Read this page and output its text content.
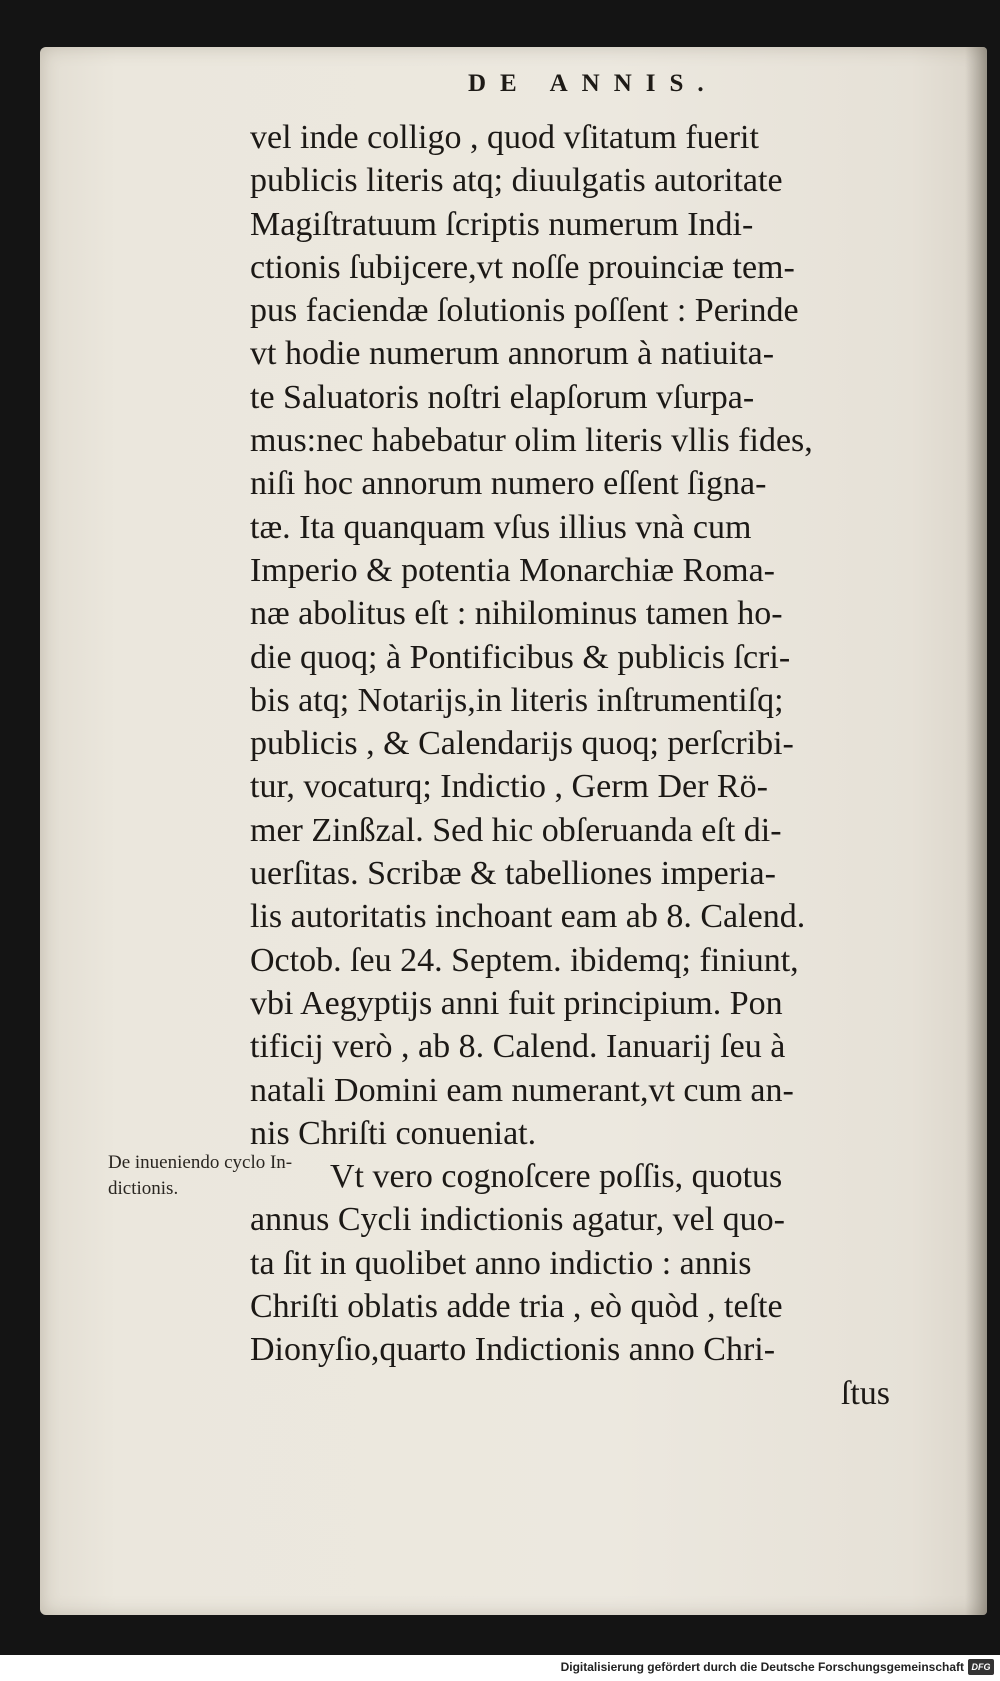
DE ANNIS.
vel inde colligo , quod vſitatum fuerit
publicis literis atq; diuulgatis autoritate
Magiſtratuum ſcriptis numerum Indi-
ctionis ſubijcere,vt noſſe prouinciæ tem-
pus faciendæ ſolutionis poſſent : Perinde
vt hodie numerum annorum à natiuita-
te Saluatoris noſtri elapſorum vſurpa-
mus:nec habebatur olim literis vllis fides,
niſi hoc annorum numero eſſent ſigna-
tæ. Ita quanquam vſus illius vnà cum
Imperio & potentia Monarchiæ Roma-
næ abolitus eſt : nihilominus tamen ho-
die quoq; à Pontificibus & publicis ſcri-
bis atq; Notarijs,in literis inſtrumentiſq;
publicis , & Calendarijs quoq; perſcribi-
tur, vocaturq; Indictio , Germ Der Rö-
mer Zinßzal. Sed hic obſeruanda eſt di-
uerſitas. Scribæ & tabelliones imperia-
lis autoritatis inchoant eam ab 8. Calend.
Octob. ſeu 24. Septem. ibidemq; finiunt,
vbi Aegyptijs anni fuit principium. Pon
tificij verò , ab 8. Calend. Ianuarij ſeu à
natali Domini eam numerant,vt cum an-
nis Chriſti conueniat.
Vt vero cognoſcere poſſis, quotus
annus Cycli indictionis agatur, vel quo-
ta ſit in quolibet anno indictio : annis
Chriſti oblatis adde tria , eò quòd , teſte
Dionyſio,quarto Indictionis anno Chri-
ſtus
De inueniendo cyclo In-
dictionis.
Digitalisierung gefördert durch die Deutsche Forschungsgemeinschaft DFG
